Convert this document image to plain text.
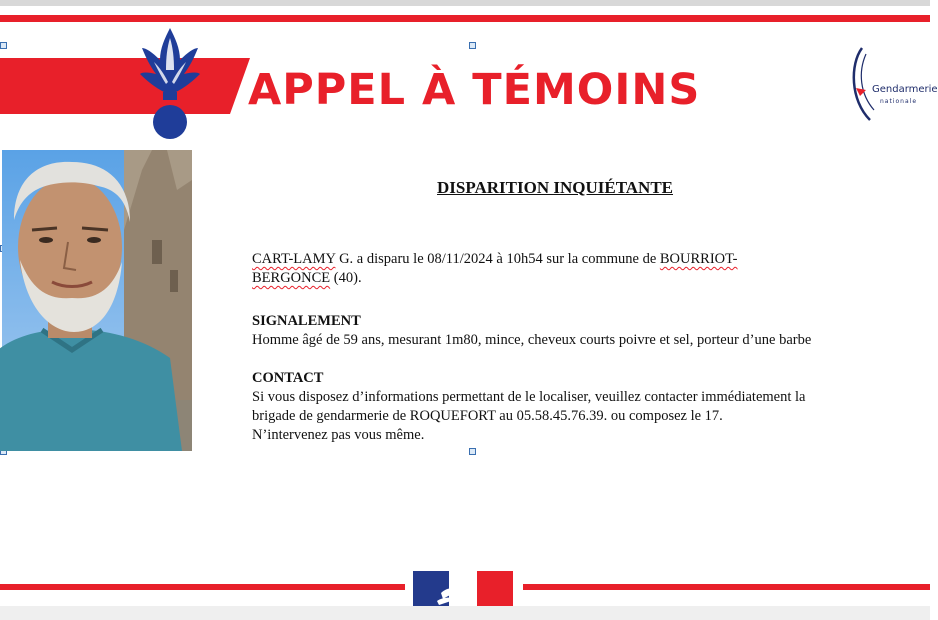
APPEL À TÉMOINS	Gendarmerie
nationale
DISPARITION INQUIÉTANTE
CART-LAMY G. a disparu le 08/11/2024 à 10h54 sur la commune de BOURRIOT-
BERGONCE (40).
SIGNALEMENT
Homme âgé de 59 ans, mesurant 1m80, mince, cheveux courts poivre et sel, porteur d’une barbe
CONTACT
Si vous disposez d’informations permettant de le localiser, veuillez contacter immédiatement la
brigade de gendarmerie de ROQUEFORT au 05.58.45.76.39. ou composez le 17.
N’intervenez pas vous même.
